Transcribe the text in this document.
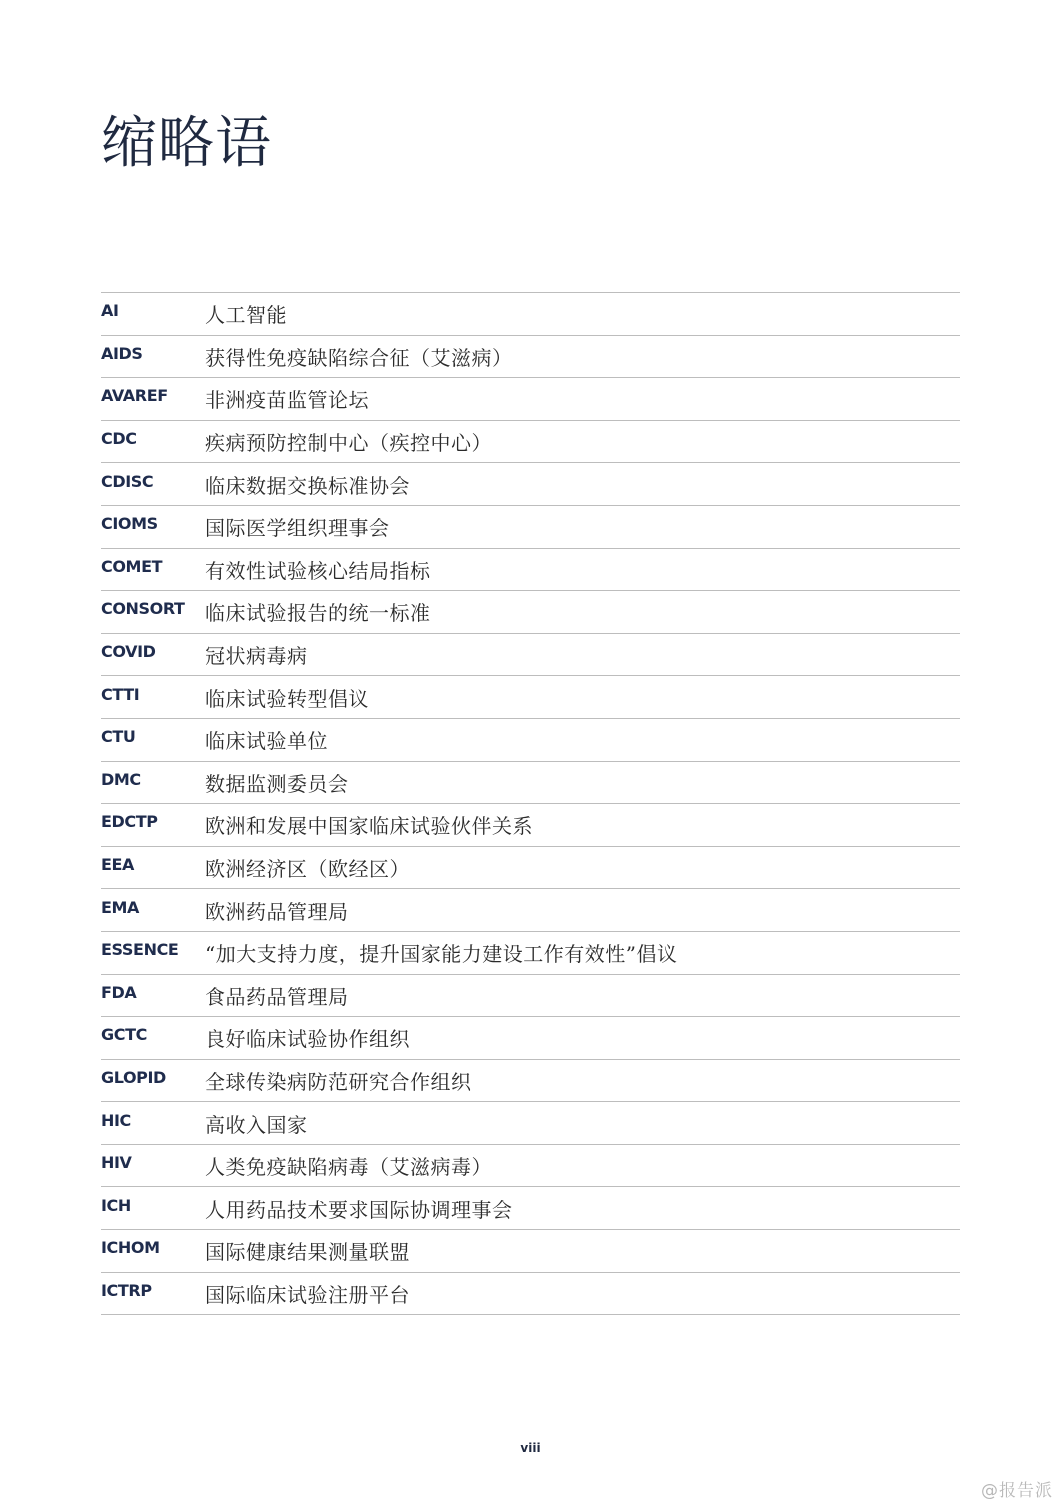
缩略语
AI	人工智能
AIDS	获得性免疫缺陷综合征（艾滋病）
AVAREF	非洲疫苗监管论坛
CDC	疾病预防控制中心（疾控中心）
CDISC	临床数据交换标准协会
CIOMS	国际医学组织理事会
COMET	有效性试验核心结局指标
CONSORT	临床试验报告的统一标准
COVID	冠状病毒病
CTTI	临床试验转型倡议
CTU	临床试验单位
DMC	数据监测委员会
EDCTP	欧洲和发展中国家临床试验伙伴关系
EEA	欧洲经济区（欧经区）
EMA	欧洲药品管理局
ESSENCE	“加大支持力度，提升国家能力建设工作有效性”倡议
FDA	食品药品管理局
GCTC	良好临床试验协作组织
GLOPID	全球传染病防范研究合作组织
HIC	高收入国家
HIV	人类免疫缺陷病毒（艾滋病毒）
ICH	人用药品技术要求国际协调理事会
ICHOM	国际健康结果测量联盟
ICTRP	国际临床试验注册平台
viii
@报告派
